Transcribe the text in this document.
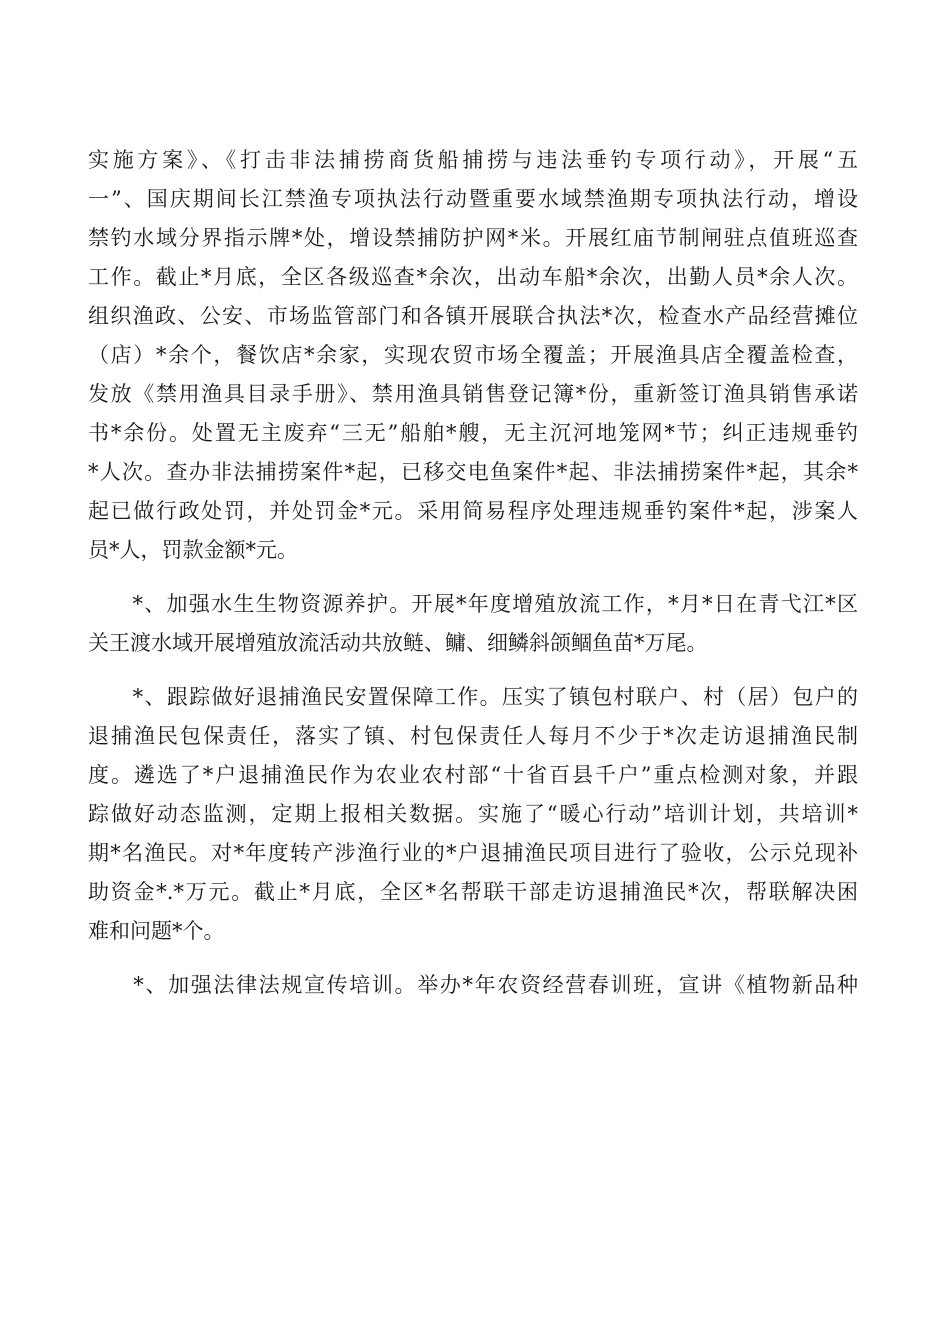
实施方案》、《打击非法捕捞商货船捕捞与违法垂钓专项行动》，开展“五
一”、国庆期间长江禁渔专项执法行动暨重要水域禁渔期专项执法行动，增设
禁钓水域分界指示牌*处，增设禁捕防护网*米。开展红庙节制闸驻点值班巡查
工作。截止*月底，全区各级巡查*余次，出动车船*余次，出勤人员*余人次。
组织渔政、公安、市场监管部门和各镇开展联合执法*次，检查水产品经营摊位
（店）*余个，餐饮店*余家，实现农贸市场全覆盖；开展渔具店全覆盖检查，
发放《禁用渔具目录手册》、禁用渔具销售登记簿*份，重新签订渔具销售承诺
书*余份。处置无主废弃“三无”船舶*艘，无主沉河地笼网*节；纠正违规垂钓
*人次。查办非法捕捞案件*起，已移交电鱼案件*起、非法捕捞案件*起，其余*
起已做行政处罚，并处罚金*元。采用简易程序处理违规垂钓案件*起，涉案人
员*人，罚款金额*元。
　　*、加强水生生物资源养护。开展*年度增殖放流工作，*月*日在青弋江*区
关王渡水域开展增殖放流活动共放鲢、鳙、细鳞斜颌鲴鱼苗*万尾。
　　*、跟踪做好退捕渔民安置保障工作。压实了镇包村联户、村（居）包户的
退捕渔民包保责任，落实了镇、村包保责任人每月不少于*次走访退捕渔民制
度。遴选了*户退捕渔民作为农业农村部“十省百县千户”重点检测对象，并跟
踪做好动态监测，定期上报相关数据。实施了“暖心行动”培训计划，共培训*
期*名渔民。对*年度转产涉渔行业的*户退捕渔民项目进行了验收，公示兑现补
助资金*.*万元。截止*月底，全区*名帮联干部走访退捕渔民*次，帮联解决困
难和问题*个。
　　*、加强法律法规宣传培训。举办*年农资经营春训班，宣讲《植物新品种
